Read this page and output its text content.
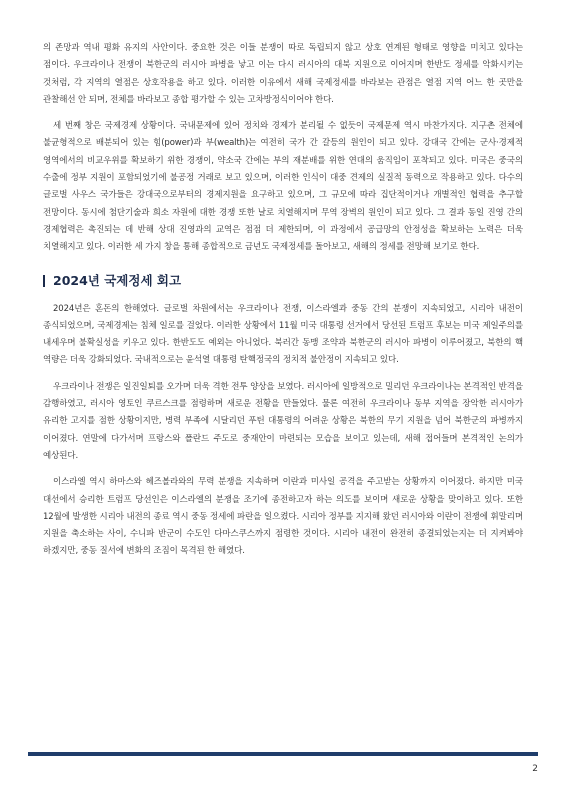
의 존망과 역내 평화 유지의 사안이다. 중요한 것은 이들 분쟁이 따로 독립되지 않고 상호 연계된 형태로 영향을 미치고 있다는 점이다. 우크라이나 전쟁이 북한군의 러시아 파병을 낳고 이는 다시 러시아의 대북 지원으로 이어지며 한반도 정세를 악화시키는 것처럼, 각 지역의 열점은 상호작용을 하고 있다. 이러한 이유에서 새해 국제정세를 바라보는 관점은 열점 지역 어느 한 곳만을 관찰해선 안 되며, 전체를 바라보고 종합 평가할 수 있는 고차방정식이어야 한다.

세 번째 창은 국제경제 상황이다. 국내문제에 있어 정치와 경제가 분리될 수 없듯이 국제문제 역시 마찬가지다. 지구촌 전체에 불균형적으로 배분되어 있는 힘(power)과 부(wealth)는 여전히 국가 간 갈등의 원인이 되고 있다. 강대국 간에는 군사·경제적 영역에서의 비교우위를 확보하기 위한 경쟁이, 약소국 간에는 부의 재분배를 위한 연대의 움직임이 포착되고 있다. 미국은 중국의 수출에 정부 지원이 포함되었기에 불공정 거래로 보고 있으며, 이러한 인식이 대중 견제의 실질적 동력으로 작용하고 있다. 다수의 글로벌 사우스 국가들은 강대국으로부터의 경제지원을 요구하고 있으며, 그 규모에 따라 집단적이거나 개별적인 협력을 추구할 전망이다. 동시에 첨단기술과 희소 자원에 대한 경쟁 또한 날로 치열해지며 무역 장벽의 원인이 되고 있다. 그 결과 동일 진영 간의 경제협력은 촉진되는 데 반해 상대 진영과의 교역은 점점 더 제한되며, 이 과정에서 공급망의 안정성을 확보하는 노력은 더욱 치열해지고 있다. 이러한 세 가지 창을 통해 종합적으로 금년도 국제정세를 돌아보고, 새해의 정세를 전망해 보기로 한다.

2024년 국제정세 회고

2024년은 혼돈의 한해였다. 글로벌 차원에서는 우크라이나 전쟁, 이스라엘과 중동 간의 분쟁이 지속되었고, 시리아 내전이 종식되었으며, 국제경제는 침체 일로를 걸었다. 이러한 상황에서 11월 미국 대통령 선거에서 당선된 트럼프 후보는 미국 제일주의를 내세우며 불확실성을 키우고 있다. 한반도도 예외는 아니었다. 북러간 동맹 조약과 북한군의 러시아 파병이 이루어졌고, 북한의 핵 역량은 더욱 강화되었다. 국내적으로는 윤석열 대통령 탄핵정국의 정치적 불안정이 지속되고 있다.

우크라이나 전쟁은 일진일퇴를 오가며 더욱 격한 전투 양상을 보였다. 러시아에 일방적으로 밀리던 우크라이나는 본격적인 반격을 감행하였고, 러시아 영토인 쿠르스크를 점령하며 새로운 전황을 만들었다. 물론 여전히 우크라이나 동부 지역을 장악한 러시아가 유리한 고지를 점한 상황이지만, 병력 부족에 시달리던 푸틴 대통령의 어려운 상황은 북한의 무기 지원을 넘어 북한군의 파병까지 이어졌다. 연말에 다가서며 프랑스와 폴란드 주도로 중재안이 마련되는 모습을 보이고 있는데, 새해 접어들며 본격적인 논의가 예상된다.

이스라엘 역시 하마스와 헤즈볼라와의 무력 분쟁을 지속하며 이란과 미사일 공격을 주고받는 상황까지 이어졌다. 하지만 미국 대선에서 승리한 트럼프 당선인은 이스라엘의 분쟁을 조기에 종전하고자 하는 의도를 보이며 새로운 상황을 맞이하고 있다. 또한 12월에 발생한 시리아 내전의 종료 역시 중동 정세에 파란을 일으켰다. 시리아 정부를 지지해 왔던 러시아와 이란이 전쟁에 휘말리며 지원을 축소하는 사이, 수니파 반군이 수도인 다마스쿠스까지 점령한 것이다. 시리아 내전이 완전히 종결되었는지는 더 지켜봐야 하겠지만, 중동 질서에 변화의 조짐이 목격된 한 해였다.

2
